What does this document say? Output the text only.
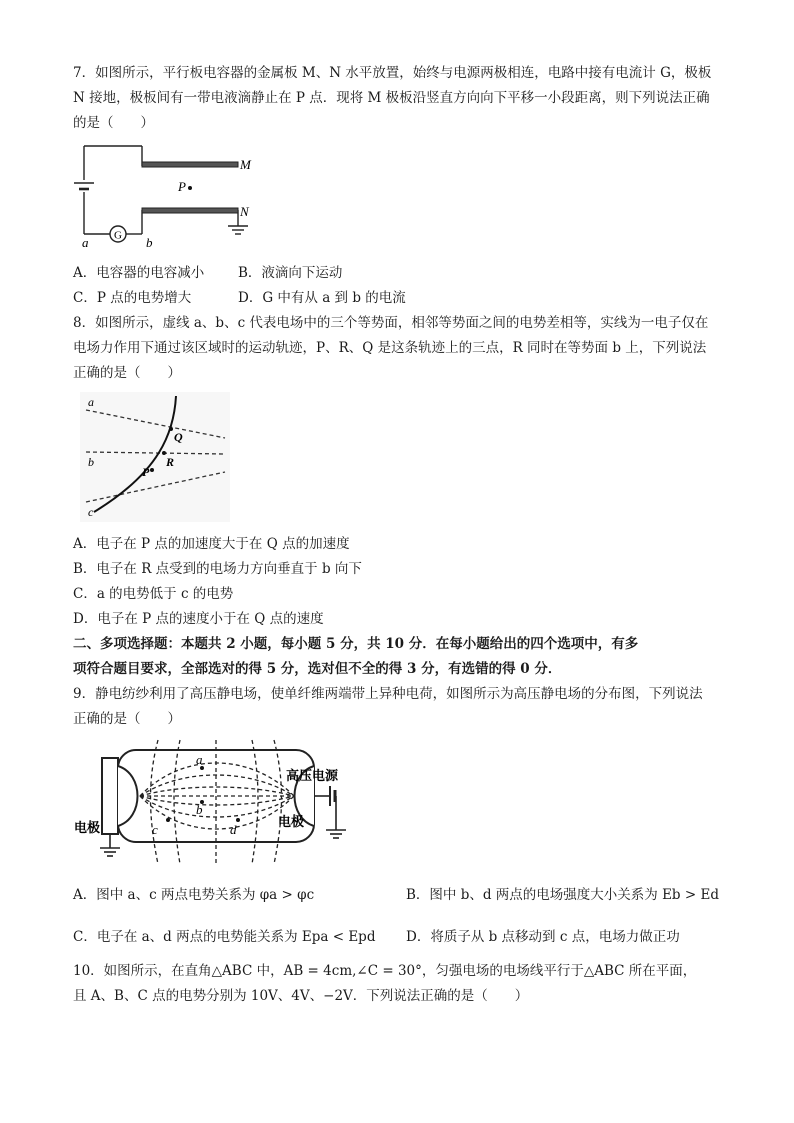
7．如图所示，平行板电容器的金属板 M、N 水平放置，始终与电源两极相连，电路中接有电流计 G，极板
N 接地，极板间有一带电液滴静止在 P 点．现将 M 极板沿竖直方向向下平移一小段距离，则下列说法正确
的是（　　）
G
P
M
N
a	b
A．电容器的电容减小	B．液滴向下运动
C．P 点的电势增大	D．G 中有从 a 到 b 的电流
8．如图所示，虚线 a、b、c 代表电场中的三个等势面，相邻等势面之间的电势差相等，实线为一电子仅在
电场力作用下通过该区域时的运动轨迹，P、R、Q 是这条轨迹上的三点，R 同时在等势面 b 上，下列说法
正确的是（　　）
a
b
c
Q
R
P
A．电子在 P 点的加速度大于在 Q 点的加速度
B．电子在 R 点受到的电场力方向垂直于 b 向下
C．a 的电势低于 c 的电势
D．电子在 P 点的速度小于在 Q 点的速度
二、多项选择题：本题共 2 小题，每小题 5 分，共 10 分．在每小题给出的四个选项中，有多
项符合题目要求，全部选对的得 5 分，选对但不全的得 3 分，有选错的得 0 分．
9．静电纺纱利用了高压静电场，使单纤维两端带上异种电荷，如图所示为高压静电场的分布图，下列说法
正确的是（　　）
高压电源
电极	电极
a
b
c	d
A．图中 a、c 两点电势关系为 φa > φc	B．图中 b、d 两点的电场强度大小关系为 Eb > Ed
C．电子在 a、d 两点的电势能关系为 Epa < Epd D．将质子从 b 点移动到 c 点，电场力做正功
10．如图所示，在直角△ABC 中，AB = 4cm,∠C = 30°，匀强电场的电场线平行于△ABC 所在平面，
且 A、B、C 点的电势分别为 10V、4V、−2V．下列说法正确的是（　　）
